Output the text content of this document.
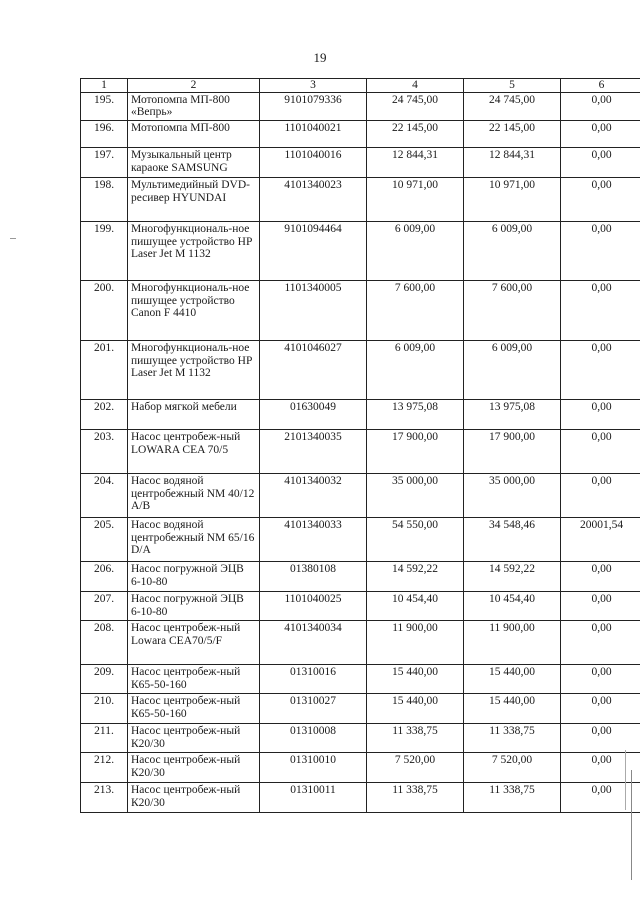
19
1	2	3	4	5	6
195.	Мотопомпа МП-800 «Вепрь»	9101079336	24 745,00	24 745,00	0,00
196.	Мотопомпа МП-800	1101040021	22 145,00	22 145,00	0,00
197.	Музыкальный центр караоке SAMSUNG	1101040016	12 844,31	12 844,31	0,00
198.	Мультимедийный DVD-ресивер HYUNDAI	4101340023	10 971,00	10 971,00	0,00
199.	Многофункциональ-ное пишущее устройство HP Laser Jet M 1132	9101094464	6 009,00	6 009,00	0,00
200.	Многофункциональ-ное пишущее устройство Canon F 4410	1101340005	7 600,00	7 600,00	0,00
201.	Многофункциональ-ное пишущее устройство HP Laser Jet M 1132	4101046027	6 009,00	6 009,00	0,00
202.	Набор мягкой мебели	01630049	13 975,08	13 975,08	0,00
203.	Насос центробеж-ный LOWARA CEA 70/5	2101340035	17 900,00	17 900,00	0,00
204.	Насос водяной центробежный NM 40/12 A/B	4101340032	35 000,00	35 000,00	0,00
205.	Насос водяной центробежный NM 65/16 D/A	4101340033	54 550,00	34 548,46	20001,54
206.	Насос погружной ЭЦВ 6-10-80	01380108	14 592,22	14 592,22	0,00
207.	Насос погружной ЭЦВ 6-10-80	1101040025	10 454,40	10 454,40	0,00
208.	Насос центробеж-ный Lowara CEA70/5/F	4101340034	11 900,00	11 900,00	0,00
209.	Насос центробеж-ный К65-50-160	01310016	15 440,00	15 440,00	0,00
210.	Насос центробеж-ный К65-50-160	01310027	15 440,00	15 440,00	0,00
211.	Насос центробеж-ный К20/30	01310008	11 338,75	11 338,75	0,00
212.	Насос центробеж-ный К20/30	01310010	7 520,00	7 520,00	0,00
213.	Насос центробеж-ный К20/30	01310011	11 338,75	11 338,75	0,00
